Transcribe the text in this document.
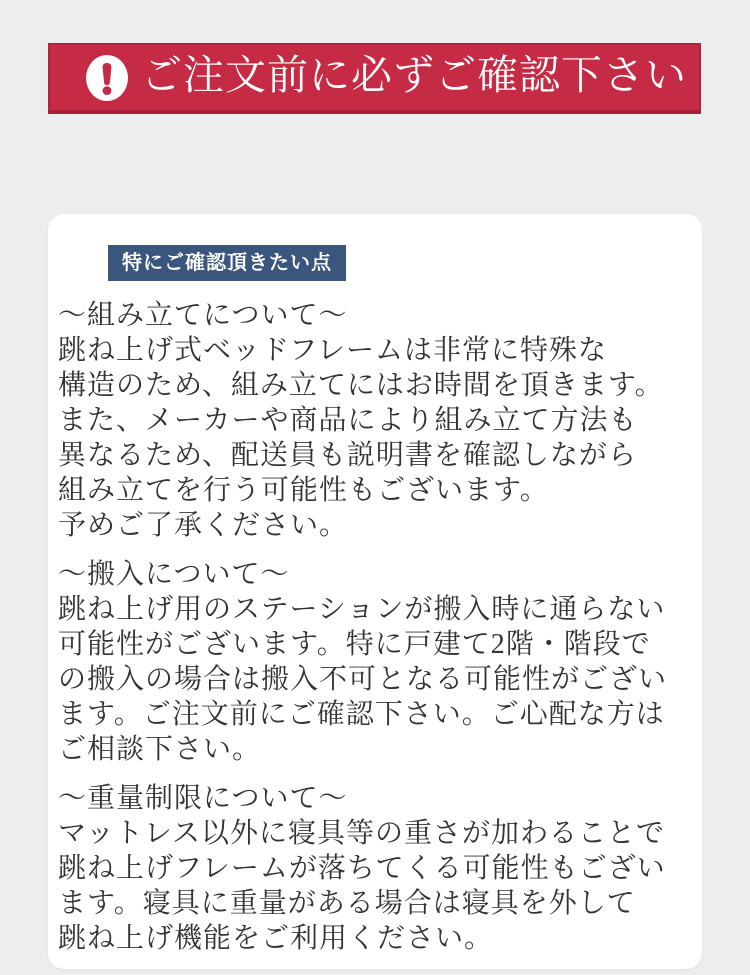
ご注文前に必ずご確認下さい
特にご確認頂きたい点
～組み立てについて～
跳ね上げ式ベッドフレームは非常に特殊な
構造のため、組み立てにはお時間を頂きます。
また、メーカーや商品により組み立て方法も
異なるため、配送員も説明書を確認しながら
組み立てを行う可能性もございます。
予めご了承ください。
～搬入について～
跳ね上げ用のステーションが搬入時に通らない
可能性がございます。特に戸建て2階・階段で
の搬入の場合は搬入不可となる可能性がござい
ます。ご注文前にご確認下さい。ご心配な方は
ご相談下さい。
～重量制限について～
マットレス以外に寝具等の重さが加わることで
跳ね上げフレームが落ちてくる可能性もござい
ます。寝具に重量がある場合は寝具を外して
跳ね上げ機能をご利用ください。
